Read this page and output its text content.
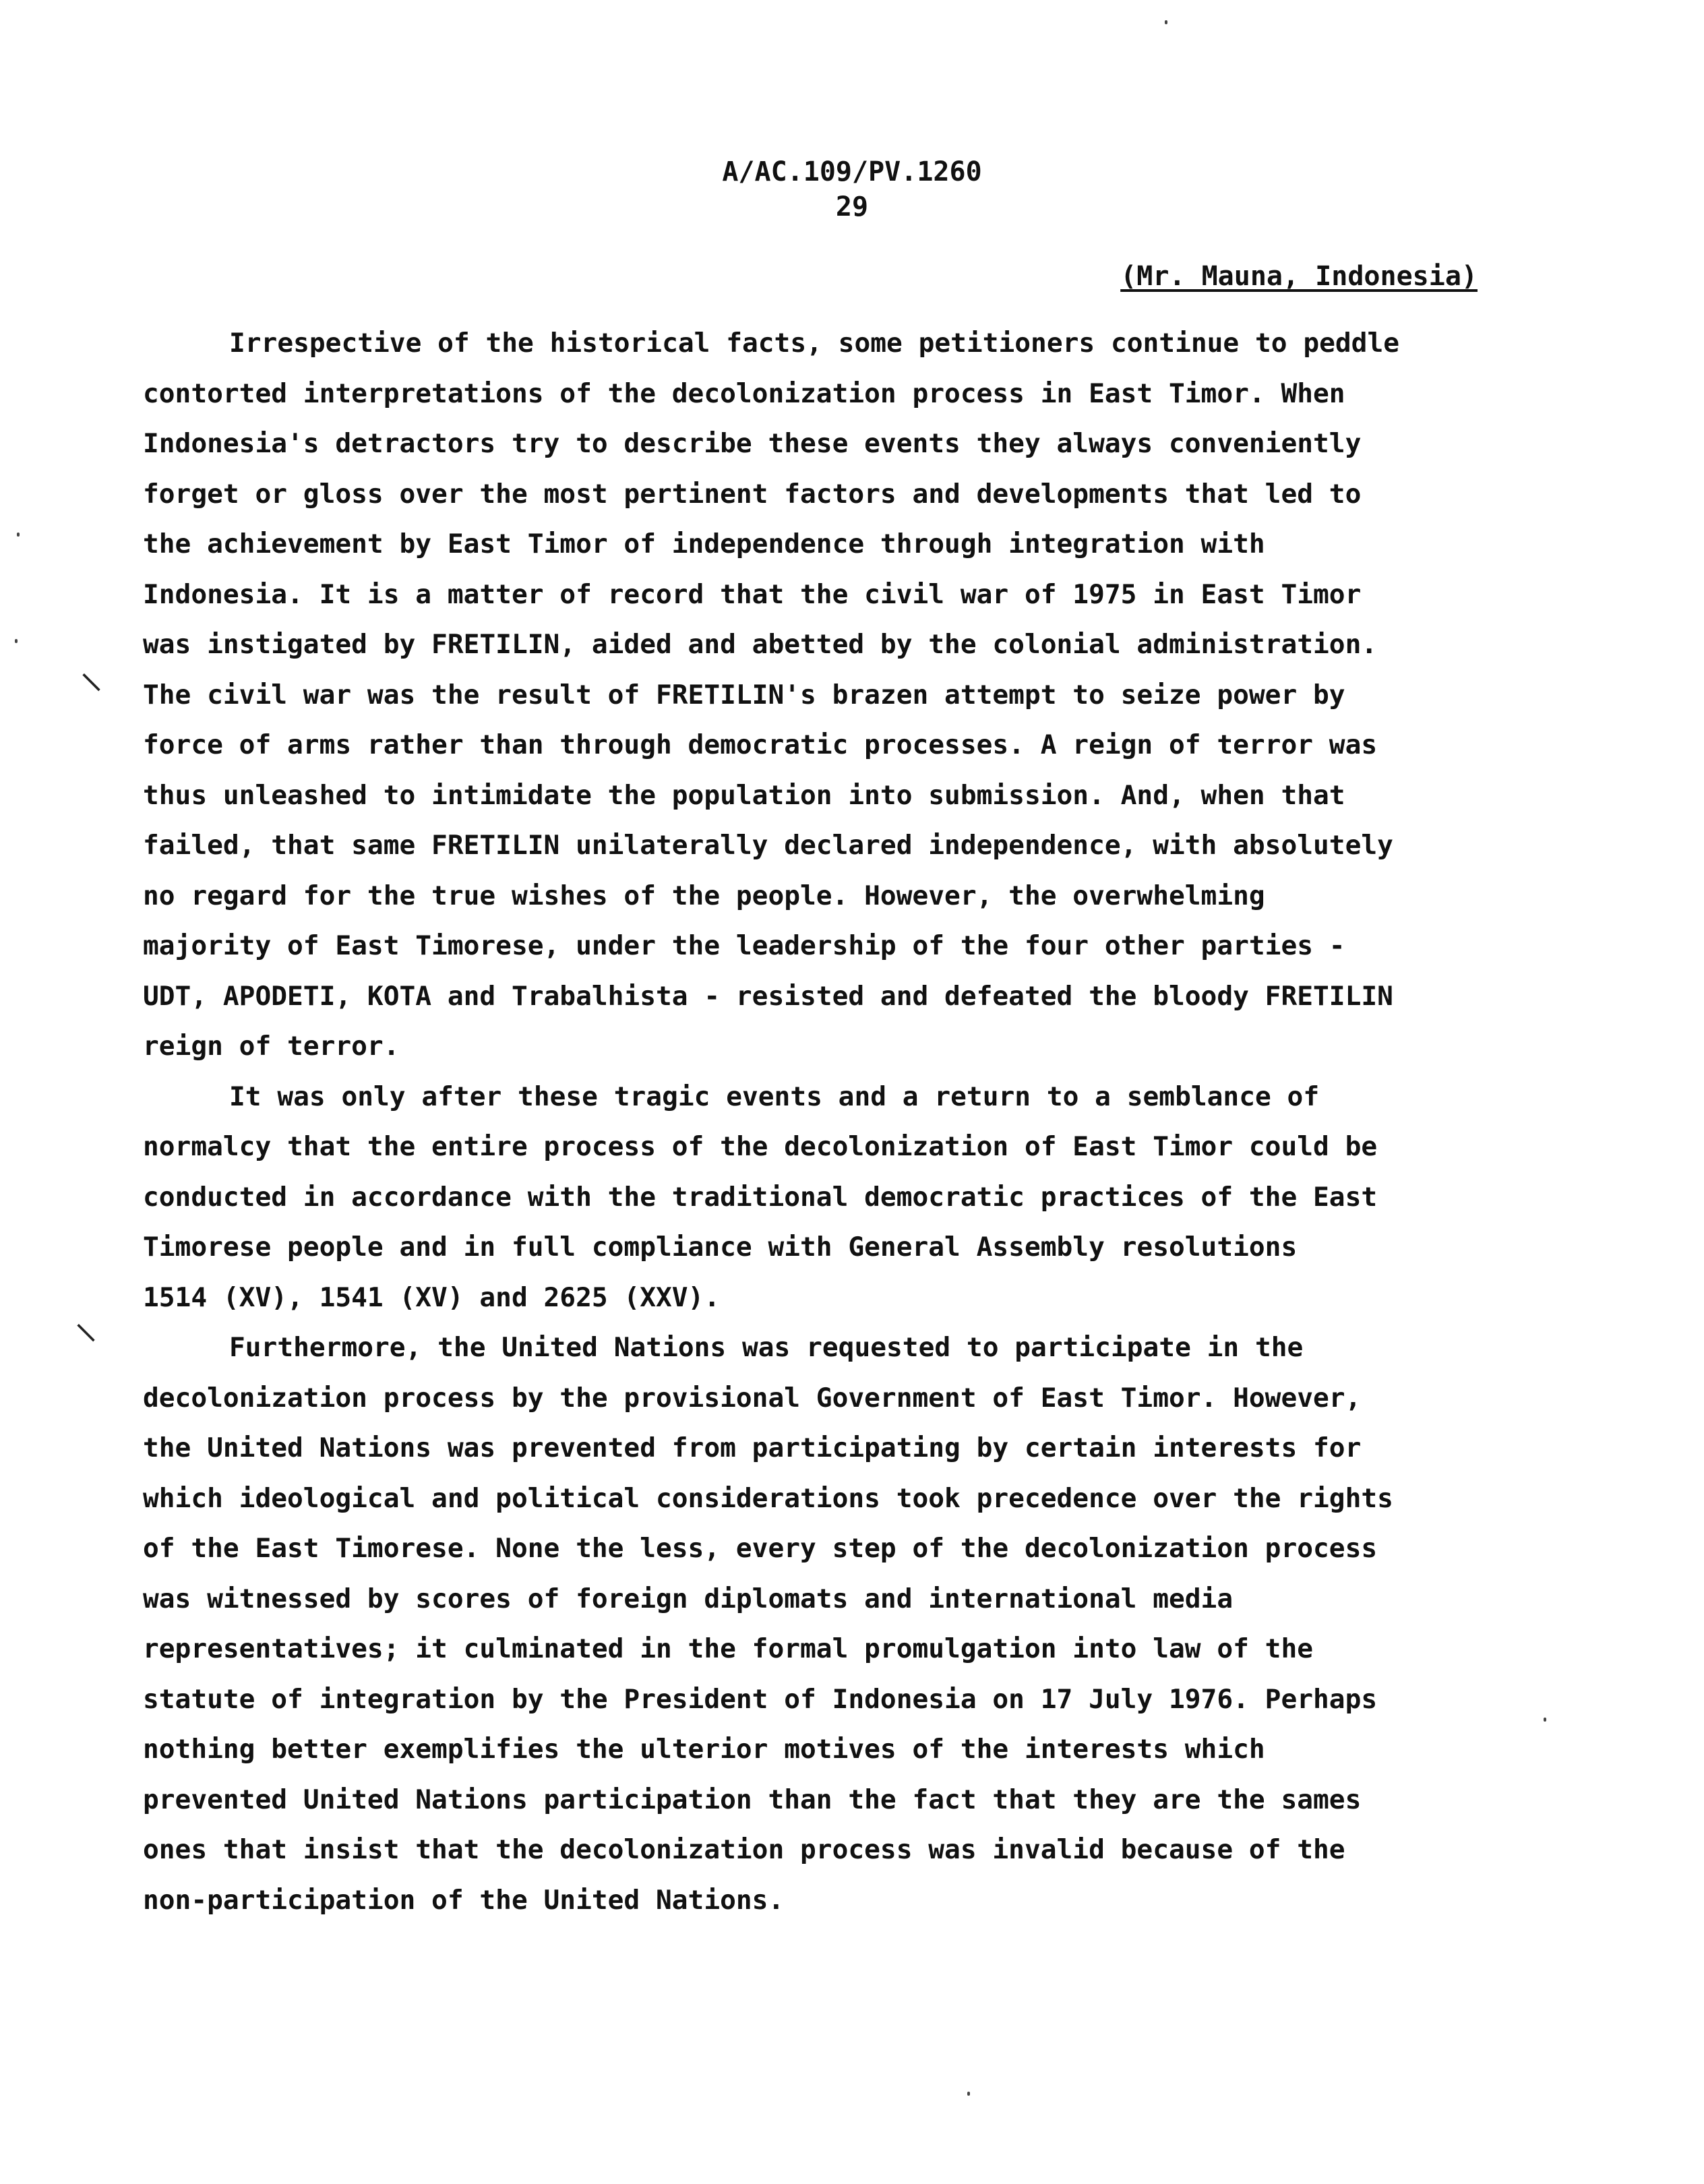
A/AC.109/PV.1260
29
(Mr. Mauna, Indonesia)
⸌
⸌
Irrespective of the historical facts, some petitioners continue to peddle
contorted interpretations of the decolonization process in East Timor. When
Indonesia's detractors try to describe these events they always conveniently
forget or gloss over the most pertinent factors and developments that led to
the achievement by East Timor of independence through integration with
Indonesia. It is a matter of record that the civil war of 1975 in East Timor
was instigated by FRETILIN, aided and abetted by the colonial administration.
The civil war was the result of FRETILIN's brazen attempt to seize power by
force of arms rather than through democratic processes. A reign of terror was
thus unleashed to intimidate the population into submission. And, when that
failed, that same FRETILIN unilaterally declared independence, with absolutely
no regard for the true wishes of the people. However, the overwhelming
majority of East Timorese, under the leadership of the four other parties -
UDT, APODETI, KOTA and Trabalhista - resisted and defeated the bloody FRETILIN
reign of terror.
It was only after these tragic events and a return to a semblance of
normalcy that the entire process of the decolonization of East Timor could be
conducted in accordance with the traditional democratic practices of the East
Timorese people and in full compliance with General Assembly resolutions
1514 (XV), 1541 (XV) and 2625 (XXV).
Furthermore, the United Nations was requested to participate in the
decolonization process by the provisional Government of East Timor. However,
the United Nations was prevented from participating by certain interests for
which ideological and political considerations took precedence over the rights
of the East Timorese. None the less, every step of the decolonization process
was witnessed by scores of foreign diplomats and international media
representatives; it culminated in the formal promulgation into law of the
statute of integration by the President of Indonesia on 17 July 1976. Perhaps
nothing better exemplifies the ulterior motives of the interests which
prevented United Nations participation than the fact that they are the sames
ones that insist that the decolonization process was invalid because of the
non-participation of the United Nations.
